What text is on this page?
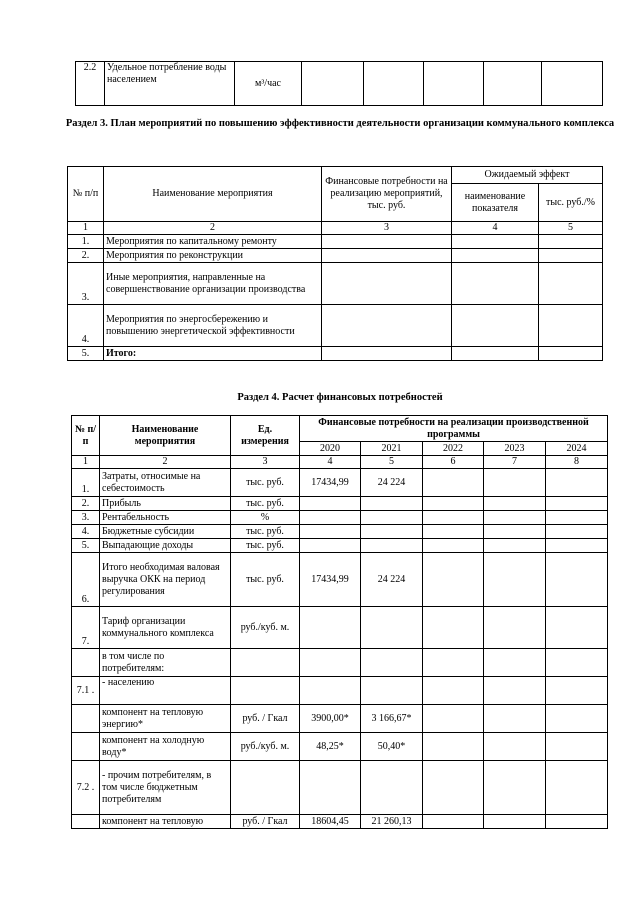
2.2	Удельное потребление воды населением	м³/час					
Раздел 3. План мероприятий по повышению эффективности деятельности организации коммунального комплекса
№ п/п	Наименование мероприятия	Финансовые потребности на реализацию мероприятий, тыс. руб.	Ожидаемый эффект	
			наименование показателя	тыс. руб./%
1	2	3	4	5
1.	Мероприятия по капитальному ремонту			
2.	Мероприятия по реконструкции			
3.	Иные мероприятия, направленные на совершенствование организации производства			
4.	Мероприятия по энергосбережению и повышению энергетической эффективности			
5.	Итого:			
Раздел 4. Расчет финансовых потребностей
№ п/п	Наименование мероприятия	Ед. измерения	Финансовые потребности на реализации производственной программы				
			2020	2021	2022	2023	2024
1	2	3	4	5	6	7	8
1.	Затраты, относимые на себестоимость	тыс. руб.	17434,99	24 224			
2.	Прибыль	тыс. руб.					
3.	Рентабельность	%					
4.	Бюджетные субсидии	тыс. руб.					
5.	Выпадающие доходы	тыс. руб.					
6.	Итого необходимая валовая выручка ОКК на период регулирования	тыс. руб.	17434,99	24 224			
7.	Тариф организации коммунального комплекса	руб./куб. м.					
	в том числе по потребителям:						
7.1 .	- населению						
	компонент на тепловую энергию*	руб. / Гкал	3900,00*	3 166,67*			
	компонент на холодную воду*	руб./куб. м.	48,25*	50,40*			
7.2 .	- прочим потребителям, в том числе бюджетным потребителям						
	компонент на тепловую	руб. / Гкал	18604,45	21 260,13			
